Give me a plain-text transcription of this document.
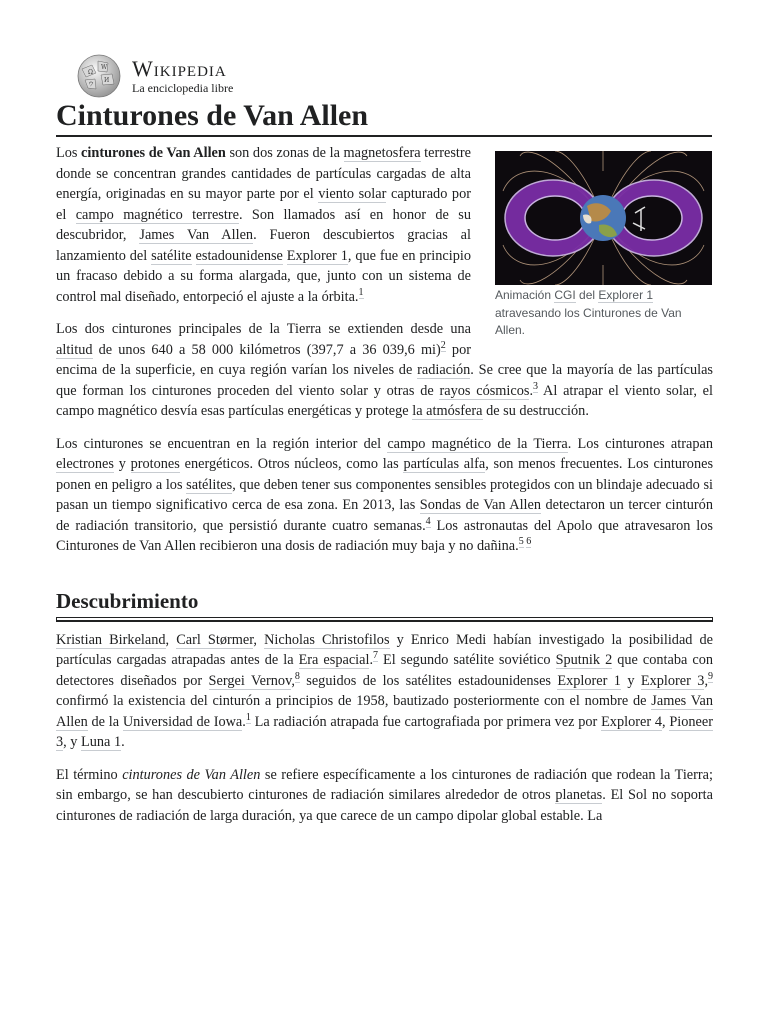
Ω
W
И
ウ
Wikipedia
La enciclopedia libre
Cinturones de Van Allen
Animación CGI del Explorer 1 atravesando los Cinturones de Van Allen.

Los cinturones de Van Allen son dos zonas de la magnetosfera terrestre donde se concentran grandes cantidades de partículas cargadas de alta energía, originadas en su mayor parte por el viento solar capturado por el campo magnético terrestre. Son llamados así en honor de su descubridor, James Van Allen. Fueron descubiertos gracias al lanzamiento del satélite estadounidense Explorer 1, que fue en principio un fracaso debido a su forma alargada, que, junto con un sistema de control mal diseñado, entorpeció el ajuste a la órbita.$^1$

Los dos cinturones principales de la Tierra se extienden desde una altitud de unos 640 a 58 000 kilómetros (397,7 a 36 039,6 mi)$^2$ por encima de la superficie, en cuya región varían los niveles de radiación. Se cree que la mayoría de las partículas que forman los cinturones proceden del viento solar y otras de rayos cósmicos.$^3$ Al atrapar el viento solar, el campo magnético desvía esas partículas energéticas y protege la atmósfera de su destrucción.

Los cinturones se encuentran en la región interior del campo magnético de la Tierra. Los cinturones atrapan electrones y protones energéticos. Otros núcleos, como las partículas alfa, son menos frecuentes. Los cinturones ponen en peligro a los satélites, que deben tener sus componentes sensibles protegidos con un blindaje adecuado si pasan un tiempo significativo cerca de esa zona. En 2013, las Sondas de Van Allen detectaron un tercer cinturón de radiación transitorio, que persistió durante cuatro semanas.$^4$ Los astronautas del Apolo que atravesaron los Cinturones de Van Allen recibieron una dosis de radiación muy baja y no dañina.$^{5 6}$

Descubrimiento

Kristian Birkeland, Carl Størmer, Nicholas Christofilos y Enrico Medi habían investigado la posibilidad de partículas cargadas atrapadas antes de la Era espacial.$^7$ El segundo satélite soviético Sputnik 2 que contaba con detectores diseñados por Sergei Vernov,$^8$ seguidos de los satélites estadounidenses Explorer 1 y Explorer 3,$^9$ confirmó la existencia del cinturón a principios de 1958, bautizado posteriormente con el nombre de James Van Allen de la Universidad de Iowa.$^1$ La radiación atrapada fue cartografiada por primera vez por Explorer 4, Pioneer 3, y Luna 1.

El término cinturones de Van Allen se refiere específicamente a los cinturones de radiación que rodean la Tierra; sin embargo, se han descubierto cinturones de radiación similares alrededor de otros planetas. El Sol no soporta cinturones de radiación de larga duración, ya que carece de un campo dipolar global estable. La
